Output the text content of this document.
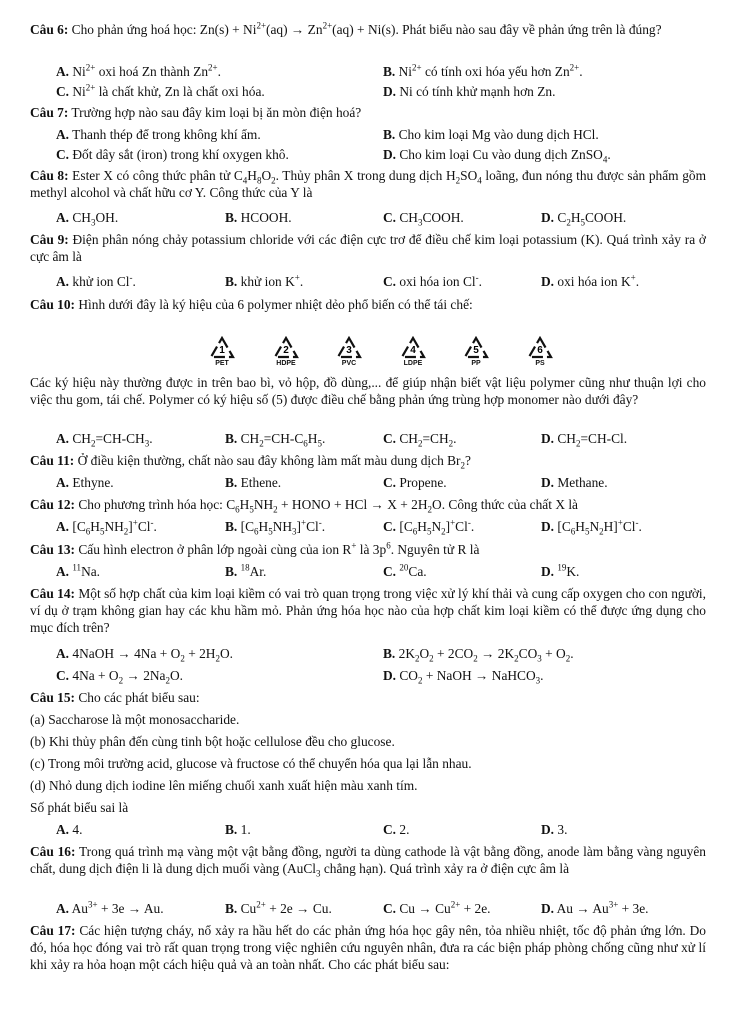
Câu 6: Cho phản ứng hoá học: $Zn(s) + Ni^{2+}(aq) \to Zn^{2+}(aq) + Ni(s)$. Phát biểu nào sau đây về phản ứng trên là đúng?

A. $Ni^{2+}$ oxi hoá Zn thành $Zn^{2+}$.	B. $Ni^{2+}$ có tính oxi hóa yếu hơn $Zn^{2+}$.
C. $Ni^{2+}$ là chất khử, Zn là chất oxi hóa.	D. Ni có tính khử mạnh hơn Zn.

Câu 7: Trường hợp nào sau đây kim loại bị ăn mòn điện hoá?

A. Thanh thép để trong không khí ẩm.	B. Cho kim loại Mg vào dung dịch HCl.
C. Đốt dây sắt (iron) trong khí oxygen khô.	D. Cho kim loại Cu vào dung dịch ZnSO$_4$.

Câu 8: Ester X có công thức phân tử $C_4H_8O_2$. Thủy phân X trong dung dịch $H_2SO_4$ loãng, đun nóng thu được sản phẩm gồm methyl alcohol và chất hữu cơ Y. Công thức của Y là

A. $CH_3OH$.	B. HCOOH.	C. $CH_3COOH$.	D. $C_2H_5COOH$.

Câu 9: Điện phân nóng chảy potassium chloride với các điện cực trơ để điều chế kim loại potassium (K). Quá trình xảy ra ở cực âm là

A. khử ion Cl-.	B. khử ion K+.	C. oxi hóa ion Cl-.	D. oxi hóa ion K+.

Câu 10: Hình dưới đây là ký hiệu của 6 polymer nhiệt dẻo phổ biến có thể tái chế:

1
PET
2
HDPE
3
PVC
4
LDPE
5
PP
6
PS

Các ký hiệu này thường được in trên bao bì, vỏ hộp, đồ dùng,... để giúp nhận biết vật liệu polymer cũng như thuận lợi cho việc thu gom, tái chế. Polymer có ký hiệu số (5) được điều chế bằng phản ứng trùng hợp monomer nào dưới đây?

A. $CH_2=CH-CH_3$.	B. $CH_2=CH-C_6H_5$.	C. $CH_2=CH_2$.	D. $CH_2=CH-Cl$.

Câu 11: Ở điều kiện thường, chất nào sau đây không làm mất màu dung dịch $Br_2$?

A. Ethyne.	B. Ethene.	C. Propene.	D. Methane.

Câu 12: Cho phương trình hóa học: $C_6H_5NH_2$ + HONO + HCl → $X + 2H_2O$. Công thức của chất X là

A. $[C_6H_5NH_2]^+Cl^-$.	B. $[C_6H_5NH_3]^+Cl^-$.	C. $[C_6H_5N_2]^+Cl^-$.	D. $[C_6H_5N_2H]^+Cl^-$.

Câu 13: Cấu hình electron ở phân lớp ngoài cùng của ion R+ là $3p^6$. Nguyên tử R là

A. $^{11}$Na.	B. $^{18}$Ar.	C. $^{20}$Ca.	D. $^{19}$K.

Câu 14: Một số hợp chất của kim loại kiềm có vai trò quan trọng trong việc xử lý khí thải và cung cấp oxygen cho con người, ví dụ ở trạm không gian hay các khu hầm mỏ. Phản ứng hóa học nào của hợp chất kim loại kiềm có thể được ứng dụng cho mục đích trên?

A. 4NaOH → $4Na + O_2 + 2H_2O$.	B. $2K_2O_2 + 2CO_2 \to 2K_2CO_3 + O_2$.
C. $4Na + O_2 \to 2Na_2O$.	D. $CO_2$ + NaOH → NaHCO$_3$.

Câu 15: Cho các phát biểu sau:

(a) Saccharose là một monosaccharide.
(b) Khi thủy phân đến cùng tinh bột hoặc cellulose đều cho glucose.
(c) Trong môi trường acid, glucose và fructose có thể chuyển hóa qua lại lẫn nhau.
(d) Nhỏ dung dịch iodine lên miếng chuối xanh xuất hiện màu xanh tím.
Số phát biểu sai là
A. 4.	B. 1.	C. 2.	D. 3.

Câu 16: Trong quá trình mạ vàng một vật bằng đồng, người ta dùng cathode là vật bằng đồng, anode làm bằng vàng nguyên chất, dung dịch điện li là dung dịch muối vàng (AuCl$_3$ chẳng hạn). Quá trình xảy ra ở điện cực âm là

A. $Au^{3+} + 3e \to Au$.	B. $Cu^{2+} + 2e \to Cu$.	C. $Cu \to Cu^{2+} + 2e$.	D. $Au \to Au^{3+} + 3e$.

Câu 17: Các hiện tượng cháy, nổ xảy ra hầu hết do các phản ứng hóa học gây nên, tỏa nhiều nhiệt, tốc độ phản ứng lớn. Do đó, hóa học đóng vai trò rất quan trọng trong việc nghiên cứu nguyên nhân, đưa ra các biện pháp phòng chống cũng như xử lí khi xảy ra hỏa hoạn một cách hiệu quả và an toàn nhất. Cho các phát biểu sau:
